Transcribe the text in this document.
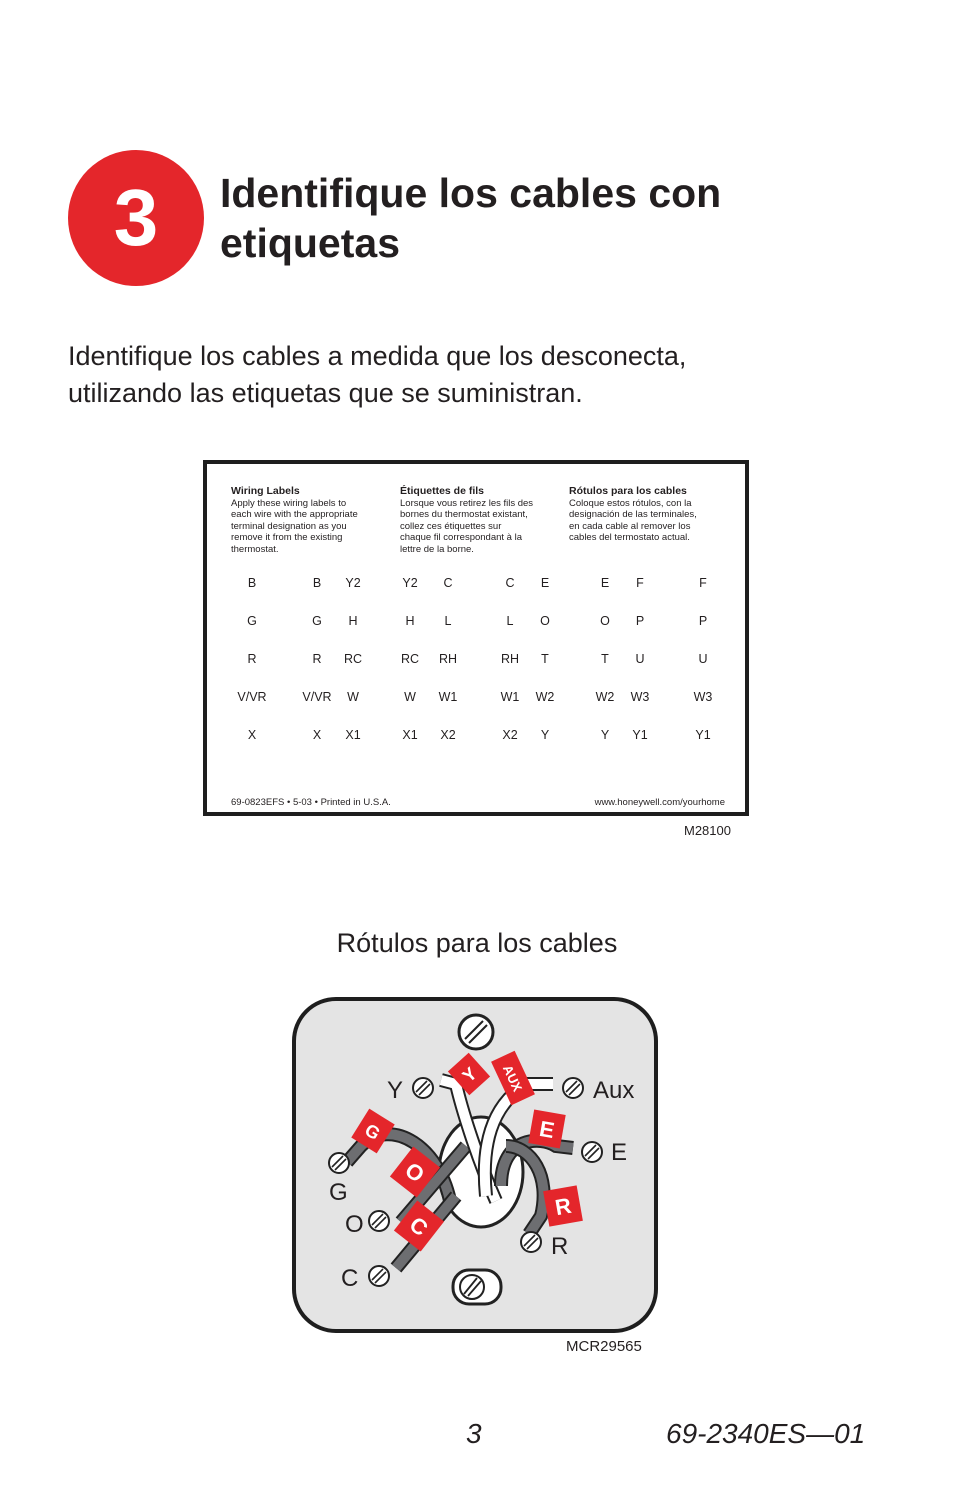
3 Identifique los cables con
etiquetas
Identifique los cables a medida que los desconecta,
utilizando las etiquetas que se suministran.
Wiring Labels
Apply these wiring labels to
each wire with the appropriate
terminal designation as you
remove it from the existing
thermostat.
Étiquettes de fils
Lorsque vous retirez les fils des
bornes du thermostat existant,
collez ces étiquettes sur
chaque fil correspondant à la
lettre de la borne.
Rótulos para los cables
Coloque estos rótulos, con la
designación de las terminales,
en cada cable al remover los
cables del termostato actual.
69-0823EFS • 5-03 • Printed in U.S.A.	www.honeywell.com/yourhome
B	B Y2	Y2 C	C E	E F	F
G	G H	H L	L O	O P	P
R	R RC	RC RH	RH T	T U	U
V/VR	V/VR W	W W1	W1 W2	W2 W3	W3
X	X X1	X1 X2	X2 Y	Y Y1	Y1
M28100
Rótulos para los cables
Y	Aux
E
G
O
R
C
Y AUX
G	E
O
C
R
MCR29565
3	69-2340ES—01
